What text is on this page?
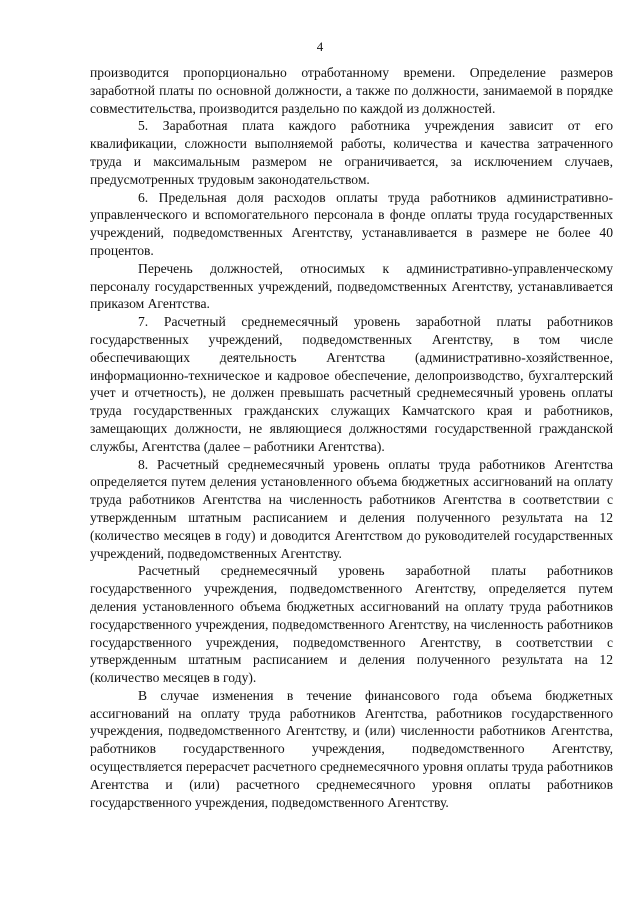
4

производится пропорционально отработанному времени. Определение размеров заработной платы по основной должности, а также по должности, занимаемой в порядке совместительства, производится раздельно по каждой из должностей.

5. Заработная плата каждого работника учреждения зависит от его квалификации, сложности выполняемой работы, количества и качества затраченного труда и максимальным размером не ограничивается, за исключением случаев, предусмотренных трудовым законодательством.

6. Предельная доля расходов оплаты труда работников административно-управленческого и вспомогательного персонала в фонде оплаты труда государственных учреждений, подведомственных Агентству, устанавливается в размере не более 40 процентов.

Перечень должностей, относимых к административно-управленческому персоналу государственных учреждений, подведомственных Агентству, устанавливается приказом Агентства.

7. Расчетный среднемесячный уровень заработной платы работников государственных учреждений, подведомственных Агентству, в том числе обеспечивающих деятельность Агентства (административно-хозяйственное, информационно-техническое и кадровое обеспечение, делопроизводство, бухгалтерский учет и отчетность), не должен превышать расчетный среднемесячный уровень оплаты труда государственных гражданских служащих Камчатского края и работников, замещающих должности, не являющиеся должностями государственной гражданской службы, Агентства (далее – работники Агентства).

8. Расчетный среднемесячный уровень оплаты труда работников Агентства определяется путем деления установленного объема бюджетных ассигнований на оплату труда работников Агентства на численность работников Агентства в соответствии с утвержденным штатным расписанием и деления полученного результата на 12 (количество месяцев в году) и доводится Агентством до руководителей государственных учреждений, подведомственных Агентству.

Расчетный среднемесячный уровень заработной платы работников государственного учреждения, подведомственного Агентству, определяется путем деления установленного объема бюджетных ассигнований на оплату труда работников государственного учреждения, подведомственного Агентству, на численность работников государственного учреждения, подведомственного Агентству, в соответствии с утвержденным штатным расписанием и деления полученного результата на 12 (количество месяцев в году).

В случае изменения в течение финансового года объема бюджетных ассигнований на оплату труда работников Агентства, работников государственного учреждения, подведомственного Агентству, и (или) численности работников Агентства, работников государственного учреждения, подведомственного Агентству, осуществляется перерасчет расчетного среднемесячного уровня оплаты труда работников Агентства и (или) расчетного среднемесячного уровня оплаты работников государственного учреждения, подведомственного Агентству.
